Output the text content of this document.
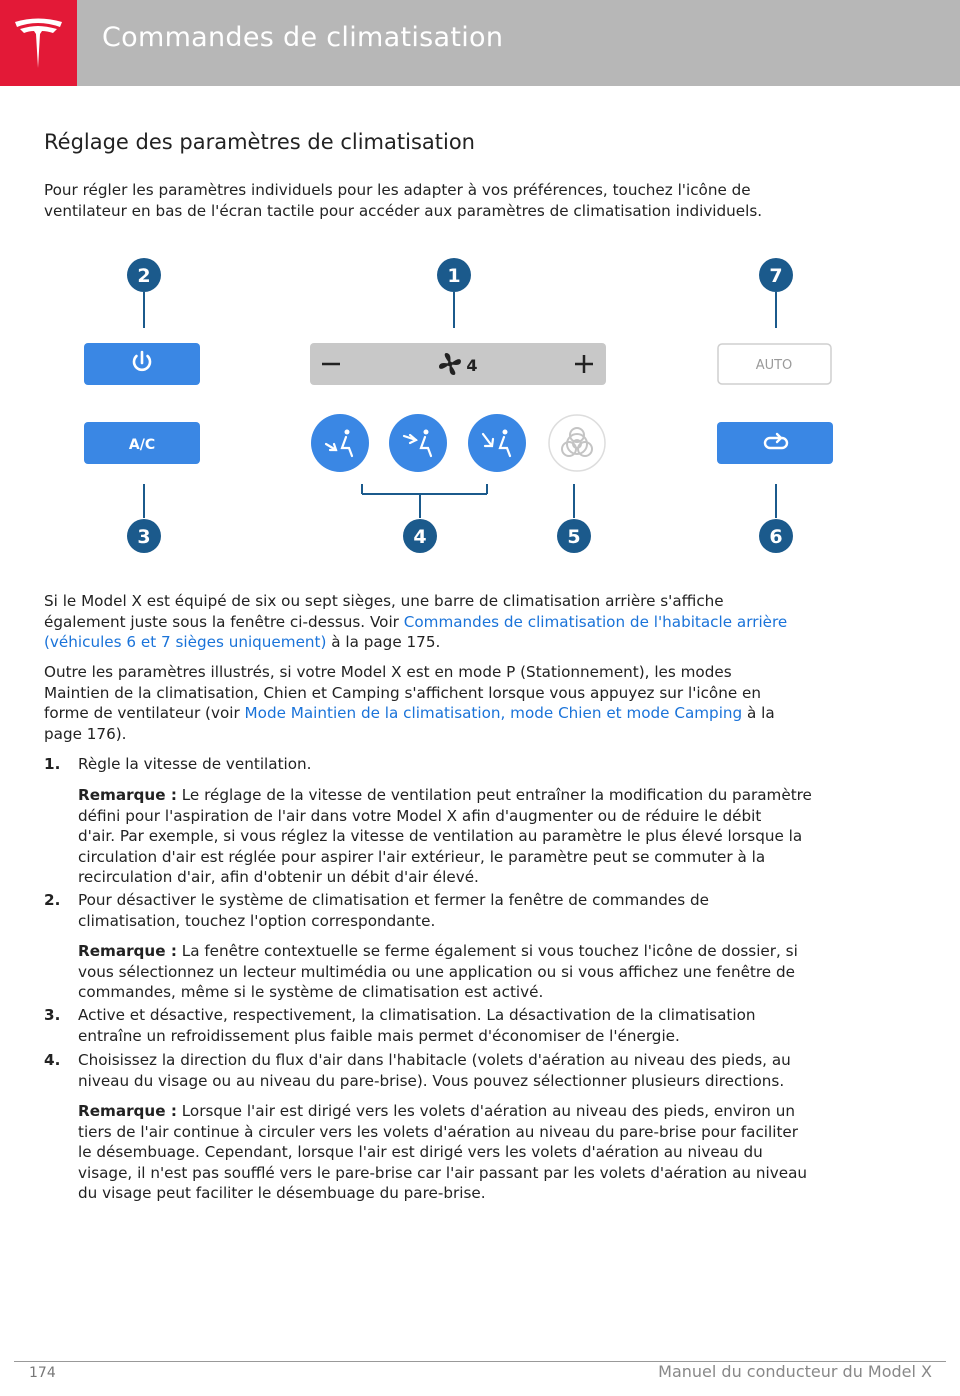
Commandes de climatisation
Réglage des paramètres de climatisation

Pour régler les paramètres individuels pour les adapter à vos préférences, touchez l'icône de
ventilateur en bas de l'écran tactile pour accéder aux paramètres de climatisation individuels.

2	1	7
3	4	5	6
A/C
4	AUTO

Si le Model X est équipé de six ou sept sièges, une barre de climatisation arrière s'affiche
également juste sous la fenêtre ci-dessus. Voir Commandes de climatisation de l'habitacle arrière
(véhicules 6 et 7 sièges uniquement) à la page 175.

Outre les paramètres illustrés, si votre Model X est en mode P (Stationnement), les modes
Maintien de la climatisation, Chien et Camping s'affichent lorsque vous appuyez sur l'icône en
forme de ventilateur (voir Mode Maintien de la climatisation, mode Chien et mode Camping à la
page 176).

1. Règle la vitesse de ventilation.

Remarque : Le réglage de la vitesse de ventilation peut entraîner la modification du paramètre
défini pour l'aspiration de l'air dans votre Model X afin d'augmenter ou de réduire le débit
d'air. Par exemple, si vous réglez la vitesse de ventilation au paramètre le plus élevé lorsque la
circulation d'air est réglée pour aspirer l'air extérieur, le paramètre peut se commuter à la
recirculation d'air, afin d'obtenir un débit d'air élevé.

2. Pour désactiver le système de climatisation et fermer la fenêtre de commandes de
climatisation, touchez l'option correspondante.

Remarque : La fenêtre contextuelle se ferme également si vous touchez l'icône de dossier, si
vous sélectionnez un lecteur multimédia ou une application ou si vous affichez une fenêtre de
commandes, même si le système de climatisation est activé.

3. Active et désactive, respectivement, la climatisation. La désactivation de la climatisation
entraîne un refroidissement plus faible mais permet d'économiser de l'énergie.

4. Choisissez la direction du flux d'air dans l'habitacle (volets d'aération au niveau des pieds, au
niveau du visage ou au niveau du pare-brise). Vous pouvez sélectionner plusieurs directions.

Remarque : Lorsque l'air est dirigé vers les volets d'aération au niveau des pieds, environ un
tiers de l'air continue à circuler vers les volets d'aération au niveau du pare-brise pour faciliter
le désembuage. Cependant, lorsque l'air est dirigé vers les volets d'aération au niveau du
visage, il n'est pas soufflé vers le pare-brise car l'air passant par les volets d'aération au niveau
du visage peut faciliter le désembuage du pare-brise.

174	Manuel du conducteur du Model X
